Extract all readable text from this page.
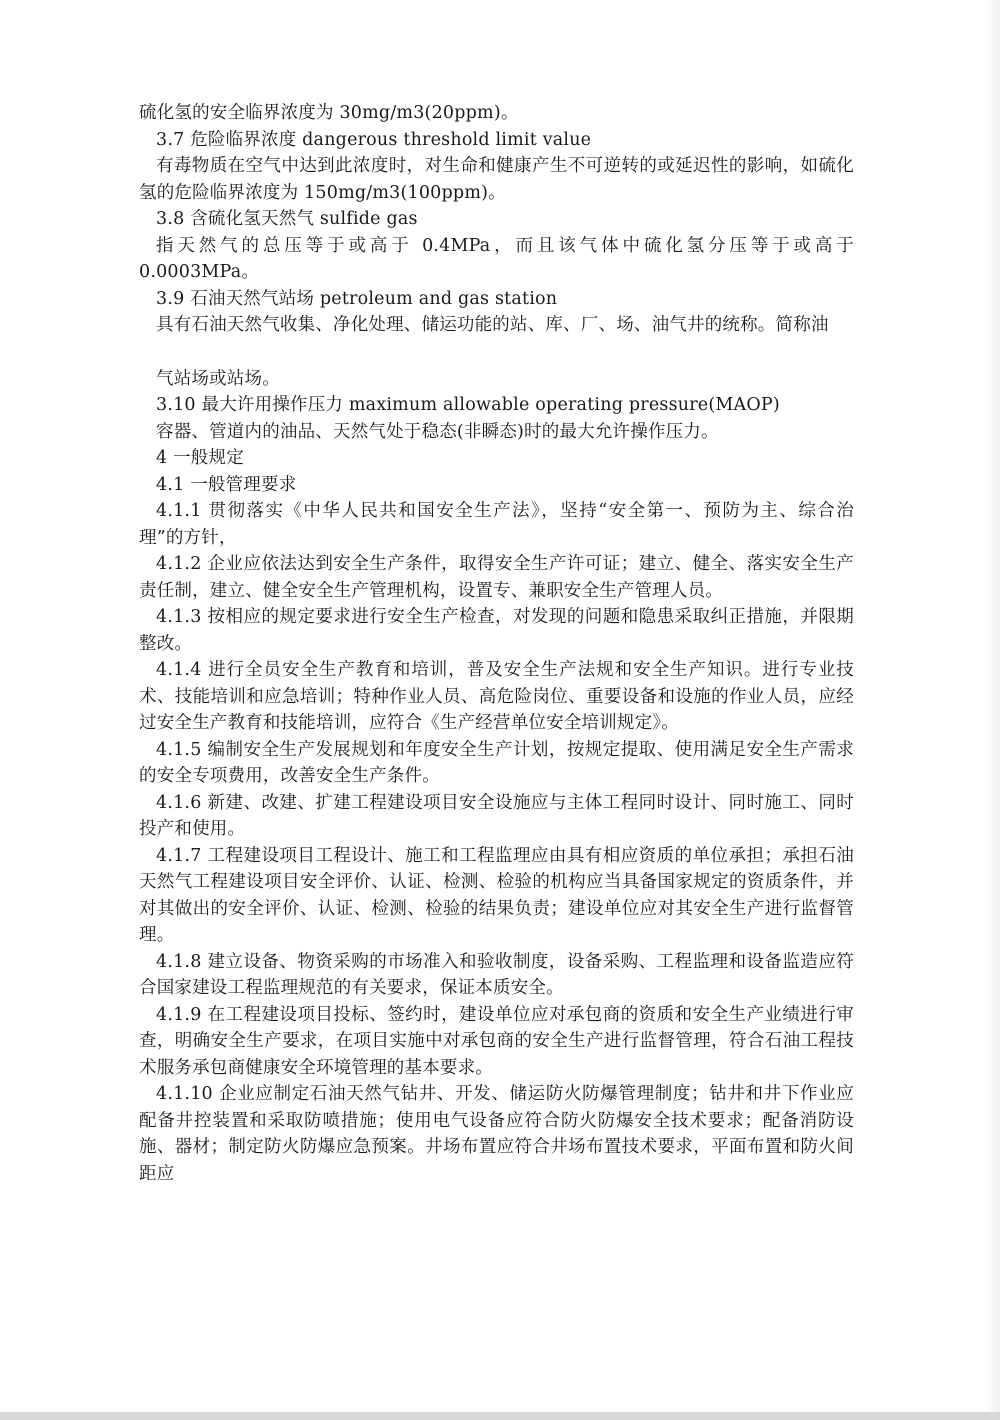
硫化氢的安全临界浓度为 30mg/m3(20ppm)。

3.7 危险临界浓度 dangerous threshold limit value

有毒物质在空气中达到此浓度时，对生命和健康产生不可逆转的或延迟性的影响，如硫化氢的危险临界浓度为 150mg/m3(100ppm)。

3.8 含硫化氢天然气 sulfide gas

指天然气的总压等于或高于 0.4MPa，而且该气体中硫化氢分压等于或高于 0.0003MPa。

3.9 石油天然气站场 petroleum and gas station

具有石油天然气收集、净化处理、储运功能的站、库、厂、场、油气井的统称。简称油

气站场或站场。

3.10 最大许用操作压力 maximum allowable operating pressure(MAOP)

容器、管道内的油品、天然气处于稳态(非瞬态)时的最大允许操作压力。

4 一般规定

4.1 一般管理要求

4.1.1 贯彻落实《中华人民共和国安全生产法》，坚持“安全第一、预防为主、综合治理”的方针，

4.1.2 企业应依法达到安全生产条件，取得安全生产许可证；建立、健全、落实安全生产责任制，建立、健全安全生产管理机构，设置专、兼职安全生产管理人员。

4.1.3 按相应的规定要求进行安全生产检查，对发现的问题和隐患采取纠正措施，并限期整改。

4.1.4 进行全员安全生产教育和培训，普及安全生产法规和安全生产知识。进行专业技术、技能培训和应急培训；特种作业人员、高危险岗位、重要设备和设施的作业人员，应经过安全生产教育和技能培训，应符合《生产经营单位安全培训规定》。

4.1.5 编制安全生产发展规划和年度安全生产计划，按规定提取、使用满足安全生产需求的安全专项费用，改善安全生产条件。

4.1.6 新建、改建、扩建工程建设项目安全设施应与主体工程同时设计、同时施工、同时投产和使用。

4.1.7 工程建设项目工程设计、施工和工程监理应由具有相应资质的单位承担；承担石油天然气工程建设项目安全评价、认证、检测、检验的机构应当具备国家规定的资质条件，并对其做出的安全评价、认证、检测、检验的结果负责；建设单位应对其安全生产进行监督管理。

4.1.8 建立设备、物资采购的市场准入和验收制度，设备采购、工程监理和设备监造应符合国家建设工程监理规范的有关要求，保证本质安全。

4.1.9 在工程建设项目投标、签约时，建设单位应对承包商的资质和安全生产业绩进行审查，明确安全生产要求，在项目实施中对承包商的安全生产进行监督管理，符合石油工程技术服务承包商健康安全环境管理的基本要求。

4.1.10 企业应制定石油天然气钻井、开发、储运防火防爆管理制度；钻井和井下作业应配备井控装置和采取防喷措施；使用电气设备应符合防火防爆安全技术要求；配备消防设施、器材；制定防火防爆应急预案。井场布置应符合井场布置技术要求，平面布置和防火间距应
